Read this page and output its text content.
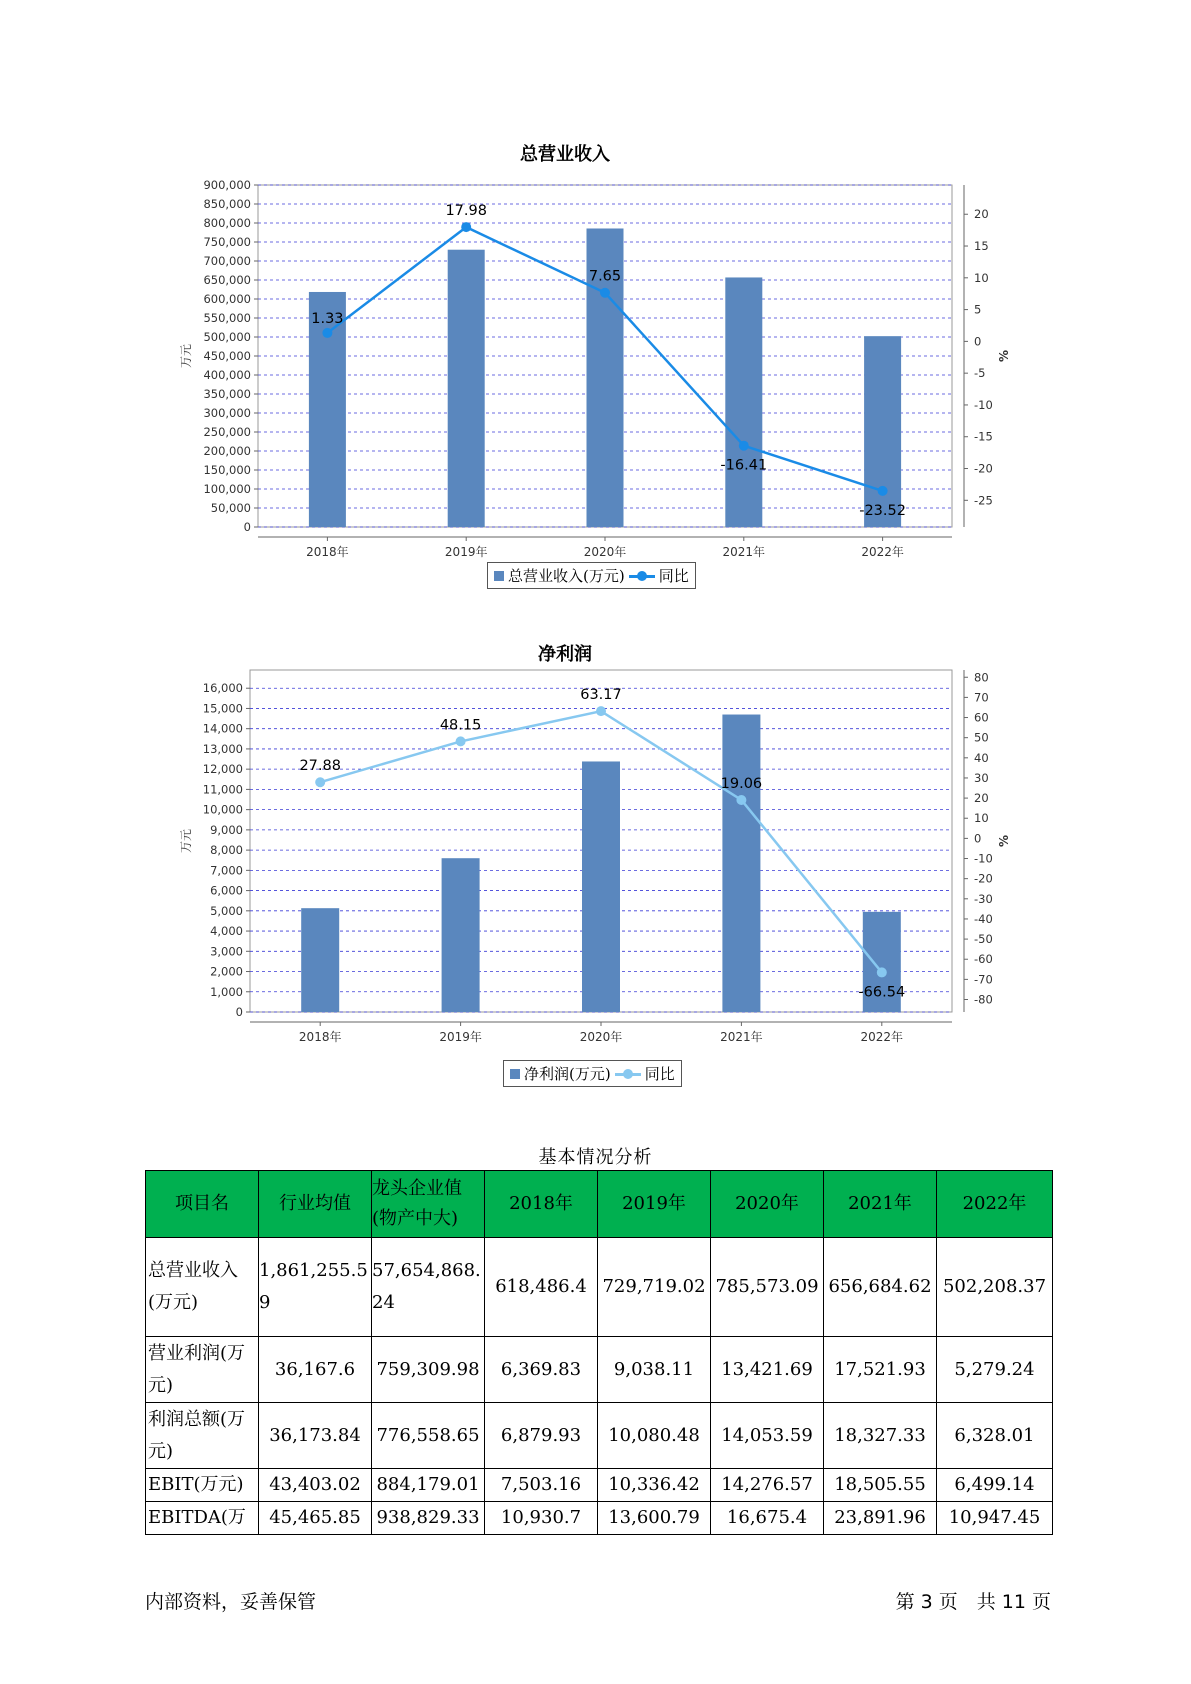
总营业收入
900,000
850,000
800,000
750,000
700,000
650,000
600,000
550,000
500,000
450,000
400,000
350,000
300,000
250,000
200,000
150,000
100,000
50,000
0
20
15
10
5
0
-5
-10
-15
-20
-25
2018年	2019年	2020年	2021年	2022年
1.33
17.98
7.65
-16.41
-23.52
万元	%
总营业收入(万元) 同比
净利润
16,000
15,000
14,000
13,000
12,000
11,000
10,000
9,000
8,000
7,000
6,000
5,000
4,000
3,000
2,000
1,000
0
80
70
60
50
40
30
20
10
0
-10
-20
-30
-40
-50
-60
-70
-80
2018年	2019年	2020年	2021年	2022年
27.88
48.15
63.17
19.06
-66.54
万元	%
净利润(万元) 同比
基本情况分析
项目名	行业均值	龙头企业值(物产中大)	2018年	2019年	2020年	2021年	2022年
总营业收入(万元)	1,861,255.59	57,654,868.24	618,486.4	729,719.02	785,573.09	656,684.62	502,208.37
营业利润(万元)	36,167.6	759,309.98	6,369.83	9,038.11	13,421.69	17,521.93	5,279.24
利润总额(万元)	36,173.84	776,558.65	6,879.93	10,080.48	14,053.59	18,327.33	6,328.01
EBIT(万元)	43,403.02	884,179.01	7,503.16	10,336.42	14,276.57	18,505.55	6,499.14
EBITDA(万	45,465.85	938,829.33	10,930.7	13,600.79	16,675.4	23,891.96	10,947.45
内部资料，妥善保管	第 3 页　共 11 页
